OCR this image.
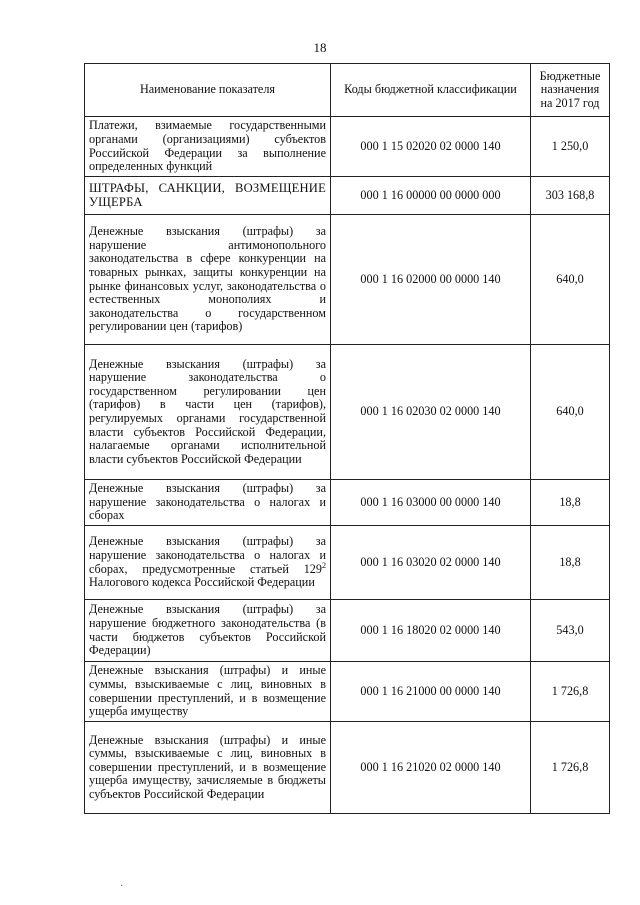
18
Наименование показателя	Коды бюджетной классификации	Бюджетные назначения на 2017 год
Платежи, взимаемые государственными органами (организациями) субъектов Российской Федерации за выполнение определенных функций	000 1 15 02020 02 0000 140	1 250,0
ШТРАФЫ, САНКЦИИ, ВОЗМЕЩЕНИЕ УЩЕРБА	000 1 16 00000 00 0000 000	303 168,8
Денежные взыскания (штрафы) за нарушение антимонопольного законодательства в сфере конкуренции на товарных рынках, защиты конкуренции на рынке финансовых услуг, законодательства о естественных монополиях и законодательства о государственном регулировании цен (тарифов)	000 1 16 02000 00 0000 140	640,0
Денежные взыскания (штрафы) за нарушение законодательства о государственном регулировании цен (тарифов) в части цен (тарифов), регулируемых органами государственной власти субъектов Российской Федерации, налагаемые органами исполнительной власти субъектов Российской Федерации	000 1 16 02030 02 0000 140	640,0
Денежные взыскания (штрафы) за нарушение законодательства о налогах и сборах	000 1 16 03000 00 0000 140	18,8
Денежные взыскания (штрафы) за нарушение законодательства о налогах и сборах, предусмотренные статьей $129^2$ Налогового кодекса Российской Федерации	000 1 16 03020 02 0000 140	18,8
Денежные взыскания (штрафы) за нарушение бюджетного законодательства (в части бюджетов субъектов Российской Федерации)	000 1 16 18020 02 0000 140	543,0
Денежные взыскания (штрафы) и иные суммы, взыскиваемые с лиц, виновных в совершении преступлений, и в возмещение ущерба имуществу	000 1 16 21000 00 0000 140	1 726,8
Денежные взыскания (штрафы) и иные суммы, взыскиваемые с лиц, виновных в совершении преступлений, и в возмещение ущерба имуществу, зачисляемые в бюджеты субъектов Российской Федерации	000 1 16 21020 02 0000 140	1 726,8
·
